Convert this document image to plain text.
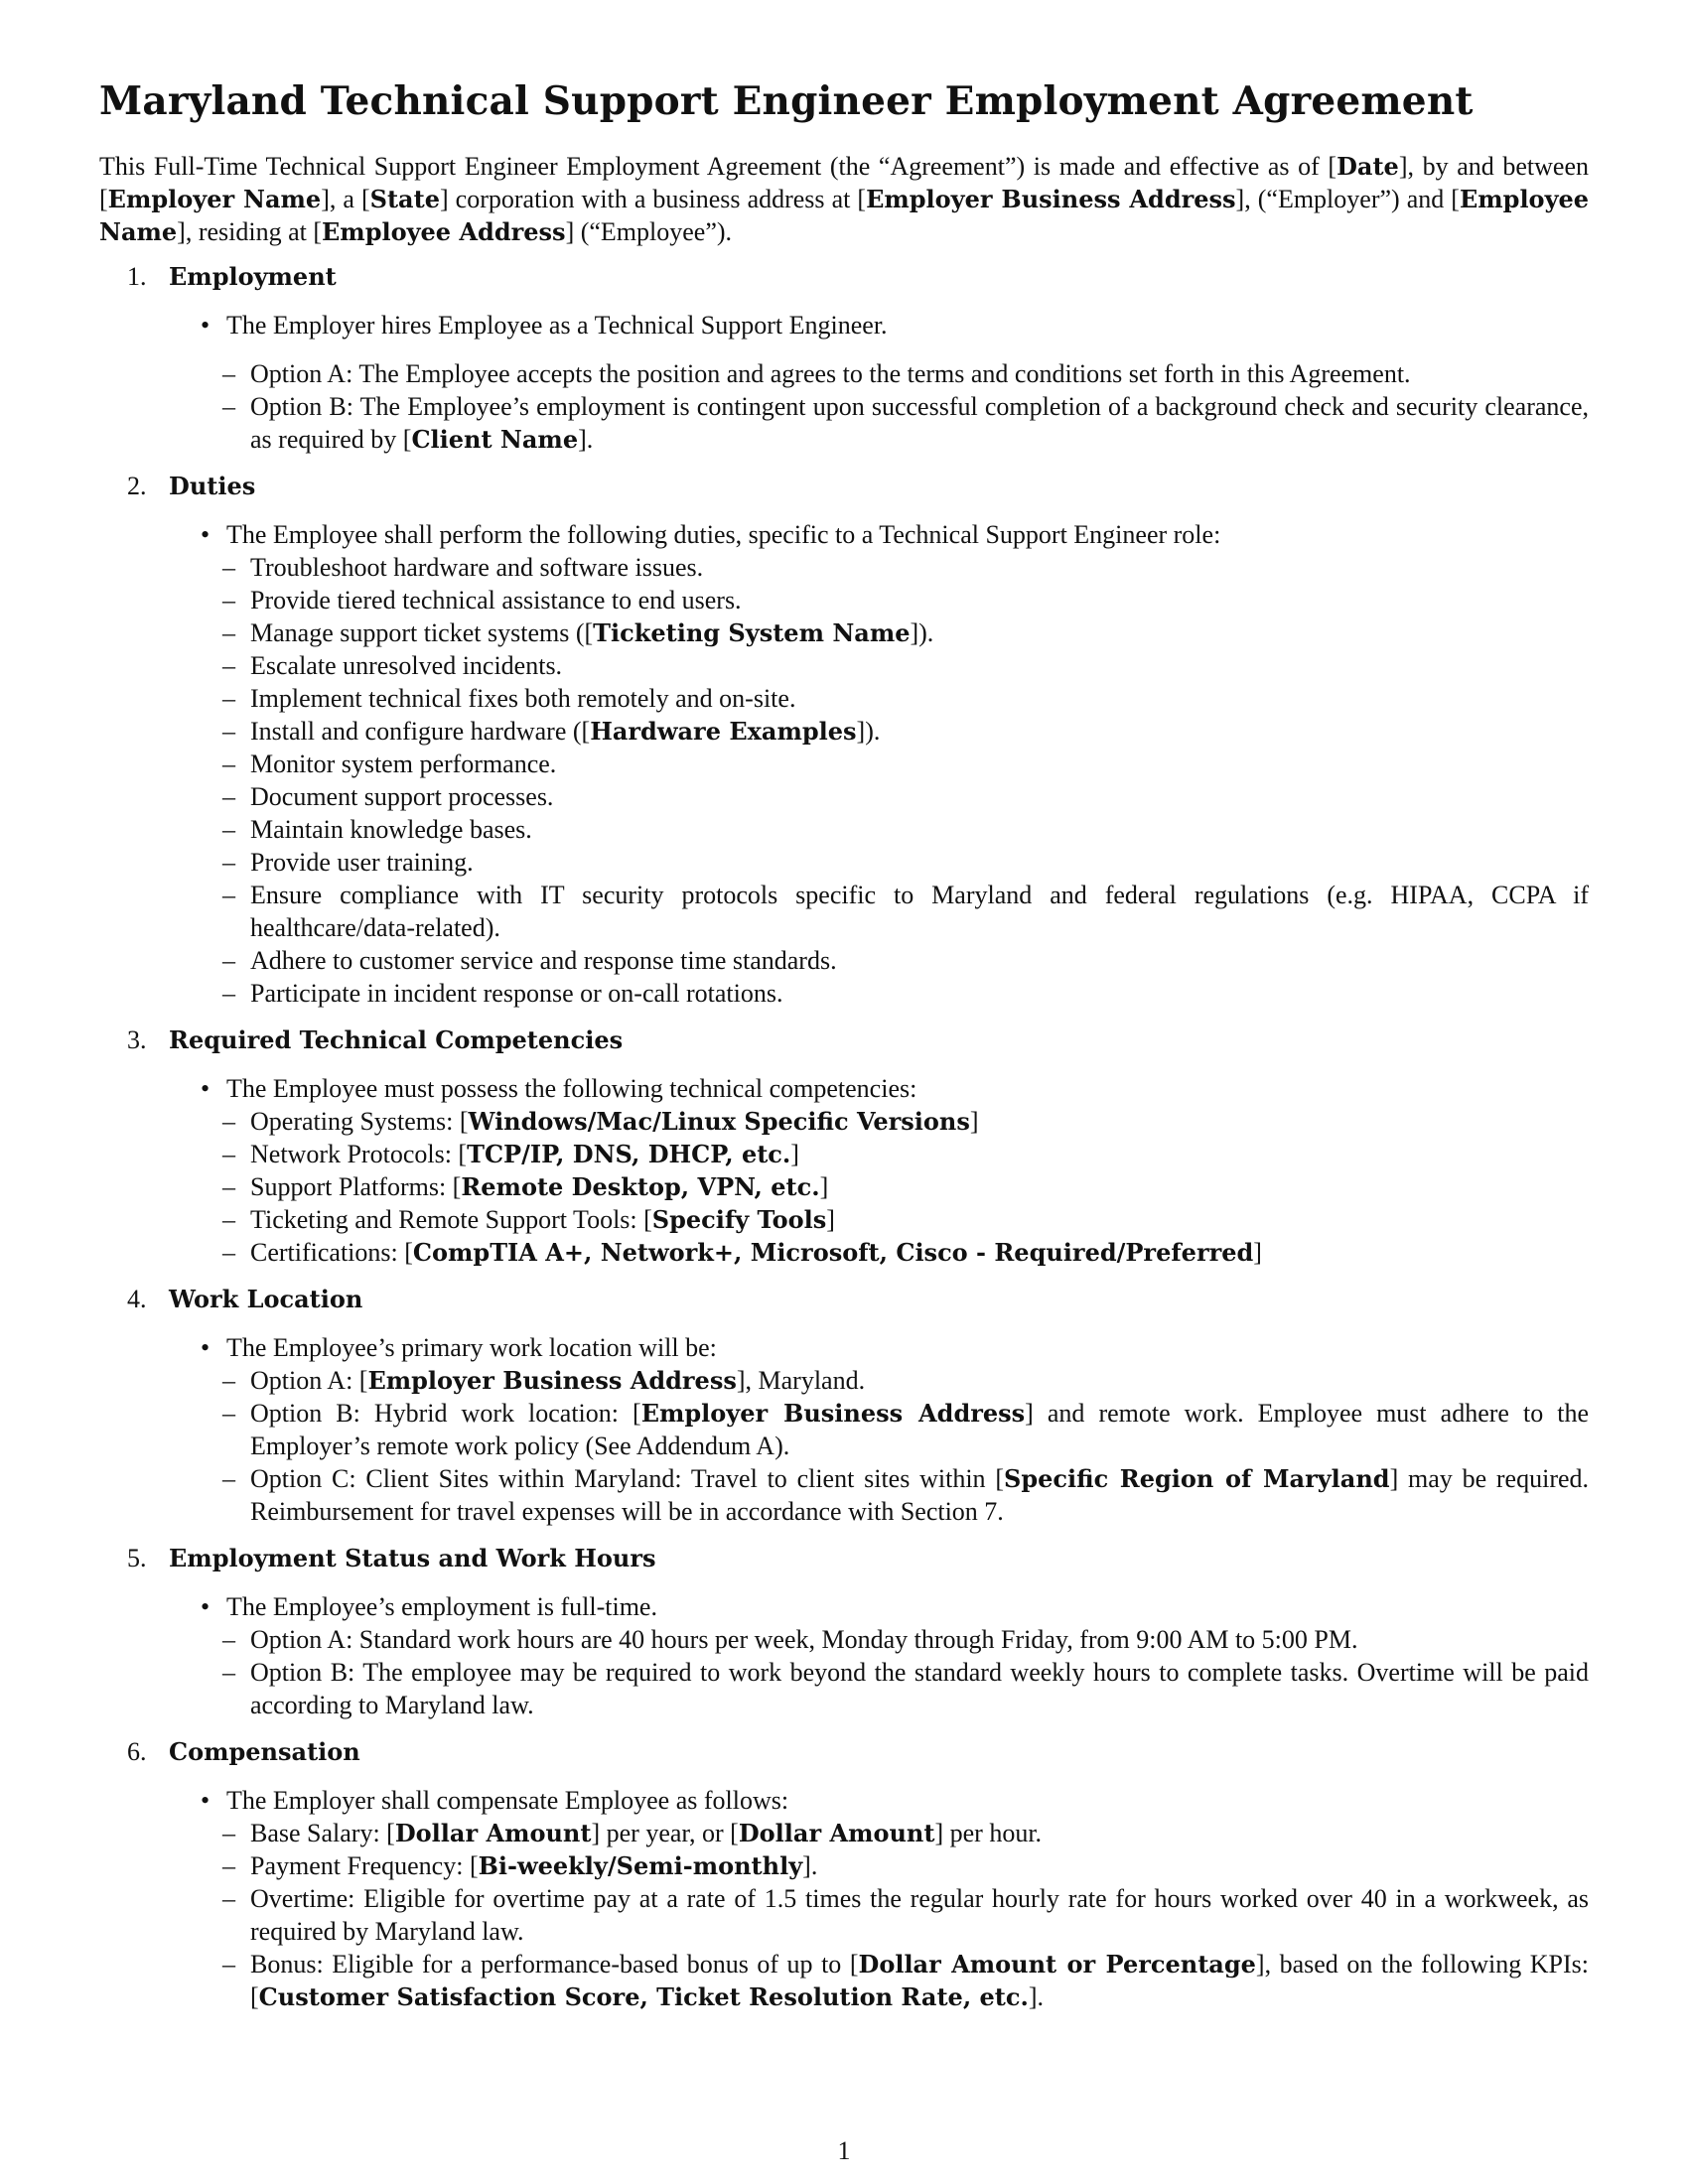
Maryland Technical Support Engineer Employment Agreement

This Full-Time Technical Support Engineer Employment Agreement (the “Agreement”) is made and effective as of [Date], by and between [Employer Name], a [State] corporation with a business address at [Employer Business Address], (“Employer”) and [Employee Name], residing at [Employee Address] (“Employee”).

1. Employment
• The Employer hires Employee as a Technical Support Engineer.
– Option A: The Employee accepts the position and agrees to the terms and conditions set forth in this Agreement.
– Option B: The Employee’s employment is contingent upon successful completion of a background check and security clearance, as required by [Client Name].
2. Duties
• The Employee shall perform the following duties, specific to a Technical Support Engineer role:
– Troubleshoot hardware and software issues.
– Provide tiered technical assistance to end users.
– Manage support ticket systems ([Ticketing System Name]).
– Escalate unresolved incidents.
– Implement technical fixes both remotely and on-site.
– Install and configure hardware ([Hardware Examples]).
– Monitor system performance.
– Document support processes.
– Maintain knowledge bases.
– Provide user training.
– Ensure compliance with IT security protocols specific to Maryland and federal regulations (e.g. HIPAA, CCPA if healthcare/data-related).
– Adhere to customer service and response time standards.
– Participate in incident response or on-call rotations.
3. Required Technical Competencies
• The Employee must possess the following technical competencies:
– Operating Systems: [Windows/Mac/Linux Specific Versions]
– Network Protocols: [TCP/IP, DNS, DHCP, etc.]
– Support Platforms: [Remote Desktop, VPN, etc.]
– Ticketing and Remote Support Tools: [Specify Tools]
– Certifications: [CompTIA A+, Network+, Microsoft, Cisco - Required/Preferred]
4. Work Location
• The Employee’s primary work location will be:
– Option A: [Employer Business Address], Maryland.
– Option B: Hybrid work location: [Employer Business Address] and remote work. Employee must adhere to the Employer’s remote work policy (See Addendum A).
– Option C: Client Sites within Maryland: Travel to client sites within [Specific Region of Maryland] may be required. Reimbursement for travel expenses will be in accordance with Section 7.
5. Employment Status and Work Hours
• The Employee’s employment is full-time.
– Option A: Standard work hours are 40 hours per week, Monday through Friday, from 9:00 AM to 5:00 PM.
– Option B: The employee may be required to work beyond the standard weekly hours to complete tasks. Overtime will be paid according to Maryland law.
6. Compensation
• The Employer shall compensate Employee as follows:
– Base Salary: [Dollar Amount] per year, or [Dollar Amount] per hour.
– Payment Frequency: [Bi-weekly/Semi-monthly].
– Overtime: Eligible for overtime pay at a rate of 1.5 times the regular hourly rate for hours worked over 40 in a workweek, as required by Maryland law.
– Bonus: Eligible for a performance-based bonus of up to [Dollar Amount or Percentage], based on the following KPIs: [Customer Satisfaction Score, Ticket Resolution Rate, etc.].
1
